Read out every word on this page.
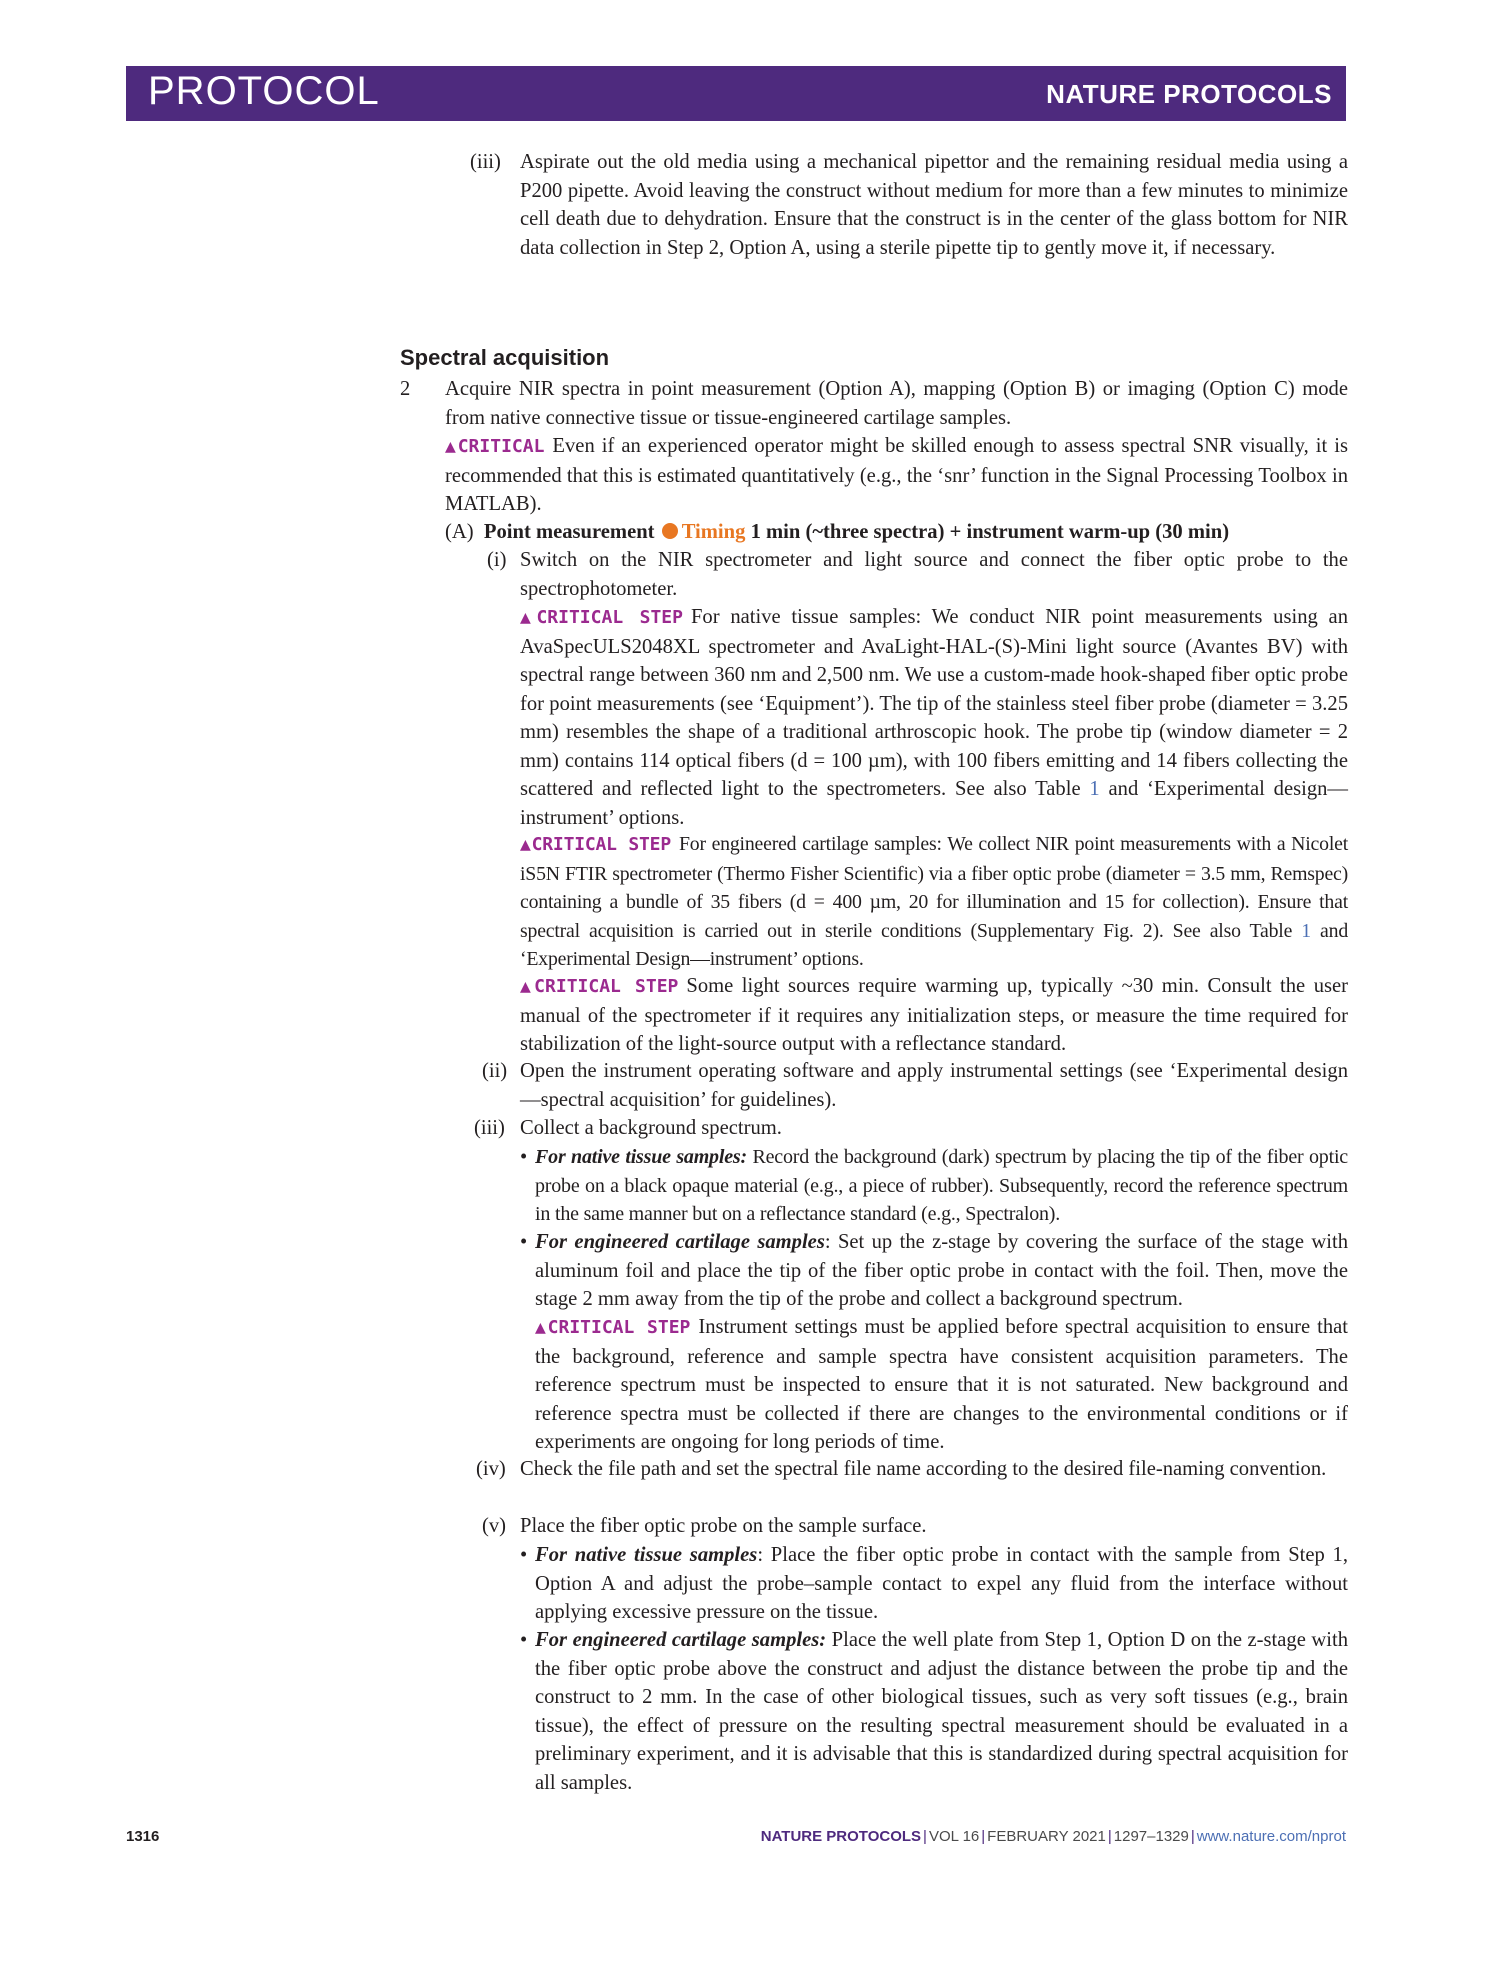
PROTOCOL	NATURE PROTOCOLS
(iii) Aspirate out the old media using a mechanical pipettor and the remaining residual media using a P200 pipette. Avoid leaving the construct without medium for more than a few minutes to minimize cell death due to dehydration. Ensure that the construct is in the center of the glass bottom for NIR data collection in Step 2, Option A, using a sterile pipette tip to gently move it, if necessary.

Spectral acquisition
2 Acquire NIR spectra in point measurement (Option A), mapping (Option B) or imaging (Option C) mode from native connective tissue or tissue-engineered cartilage samples.

▲CRITICAL Even if an experienced operator might be skilled enough to assess spectral SNR visually, it is recommended that this is estimated quantitatively (e.g., the ‘snr’ function in the Signal Processing Toolbox in MATLAB).

(A) Point measurement Timing 1 min (~three spectra) + instrument warm-up (30 min)

(i) Switch on the NIR spectrometer and light source and connect the fiber optic probe to the spectrophotometer.

▲CRITICAL STEP For native tissue samples: We conduct NIR point measurements using an AvaSpecULS2048XL spectrometer and AvaLight-HAL-(S)-Mini light source (Avantes BV) with spectral range between 360 nm and 2,500 nm. We use a custom-made hook-shaped fiber optic probe for point measurements (see ‘Equipment’). The tip of the stainless steel fiber probe (diameter = 3.25 mm) resembles the shape of a traditional arthroscopic hook. The probe tip (window diameter = 2 mm) contains 114 optical fibers (d = 100 µm), with 100 fibers emitting and 14 fibers collecting the scattered and reflected light to the spectrometers. See also Table 1 and ‘Experimental design—instrument’ options.

▲CRITICAL STEP For engineered cartilage samples: We collect NIR point measurements with a Nicolet iS5N FTIR spectrometer (Thermo Fisher Scientific) via a fiber optic probe (diameter = 3.5 mm, Remspec) containing a bundle of 35 fibers (d = 400 µm, 20 for illumination and 15 for collection). Ensure that spectral acquisition is carried out in sterile conditions (Supplementary Fig. 2). See also Table 1 and ‘Experimental Design—instrument’ options.

▲CRITICAL STEP Some light sources require warming up, typically ~30 min. Consult the user manual of the spectrometer if it requires any initialization steps, or measure the time required for stabilization of the light-source output with a reflectance standard.

(ii) Open the instrument operating software and apply instrumental settings (see ‘Experimental design—spectral acquisition’ for guidelines).

(iii) Collect a background spectrum.

• For native tissue samples: Record the background (dark) spectrum by placing the tip of the fiber optic probe on a black opaque material (e.g., a piece of rubber). Subsequently, record the reference spectrum in the same manner but on a reflectance standard (e.g., Spectralon).

• For engineered cartilage samples: Set up the z-stage by covering the surface of the stage with aluminum foil and place the tip of the fiber optic probe in contact with the foil. Then, move the stage 2 mm away from the tip of the probe and collect a background spectrum.

▲CRITICAL STEP Instrument settings must be applied before spectral acquisition to ensure that the background, reference and sample spectra have consistent acquisition parameters. The reference spectrum must be inspected to ensure that it is not saturated. New background and reference spectra must be collected if there are changes to the environmental conditions or if experiments are ongoing for long periods of time.

(iv) Check the file path and set the spectral file name according to the desired file-naming convention.

(v) Place the fiber optic probe on the sample surface.

• For native tissue samples: Place the fiber optic probe in contact with the sample from Step 1, Option A and adjust the probe–sample contact to expel any fluid from the interface without applying excessive pressure on the tissue.

• For engineered cartilage samples: Place the well plate from Step 1, Option D on the z-stage with the fiber optic probe above the construct and adjust the distance between the probe tip and the construct to 2 mm. In the case of other biological tissues, such as very soft tissues (e.g., brain tissue), the effect of pressure on the resulting spectral measurement should be evaluated in a preliminary experiment, and it is advisable that this is standardized during spectral acquisition for all samples.

1316	NATURE PROTOCOLS | VOL 16 | FEBRUARY 2021 | 1297–1329 | www.nature.com/nprot
